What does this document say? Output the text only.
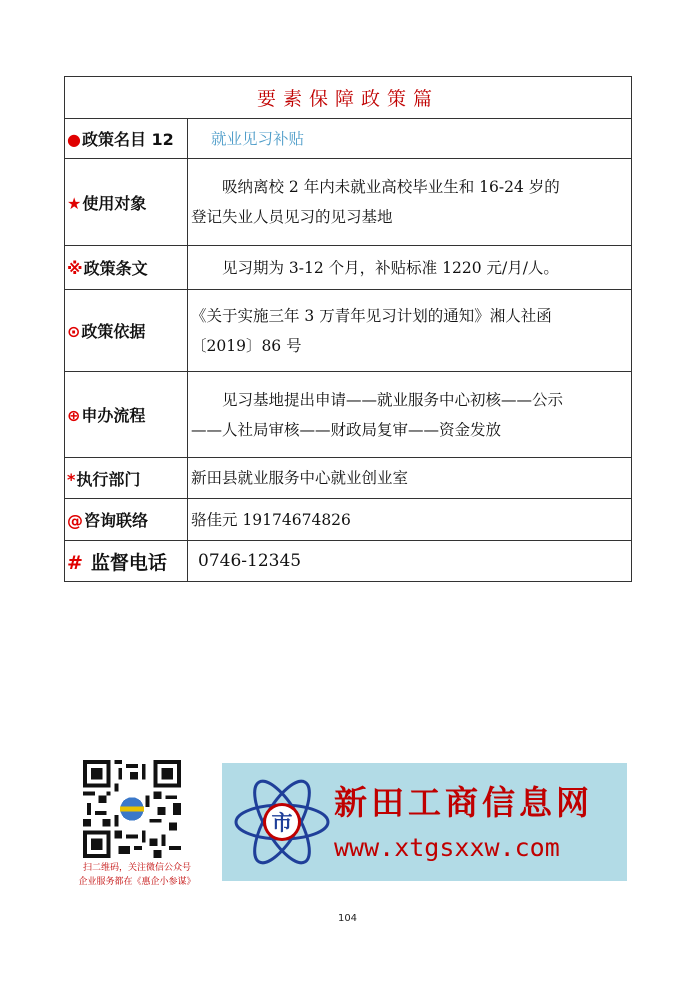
要素保障政策篇	
●政策名目 12	就业见习补贴
★使用对象	吸纳离校 2 年内未就业高校毕业生和 16-24 岁的
登记失业人员见习的见习基地

※政策条文	见习期为 3-12 个月，补贴标准 1220 元/月/人。
⊙政策依据	《关于实施三年 3 万青年见习计划的通知》湘人社函
〔2019〕86 号

⊕申办流程	见习基地提出申请——就业服务中心初核——公示
——人社局审核——财政局复审——资金发放

*执行部门	新田县就业服务中心就业创业室
@咨询联络	骆佳元 19174674826
# 监督电话	0746-12345
扫二维码，关注微信公众号
企业服务都在《惠企小参谋》
市
新田工商信息网
www.xtgsxxw.com
104
